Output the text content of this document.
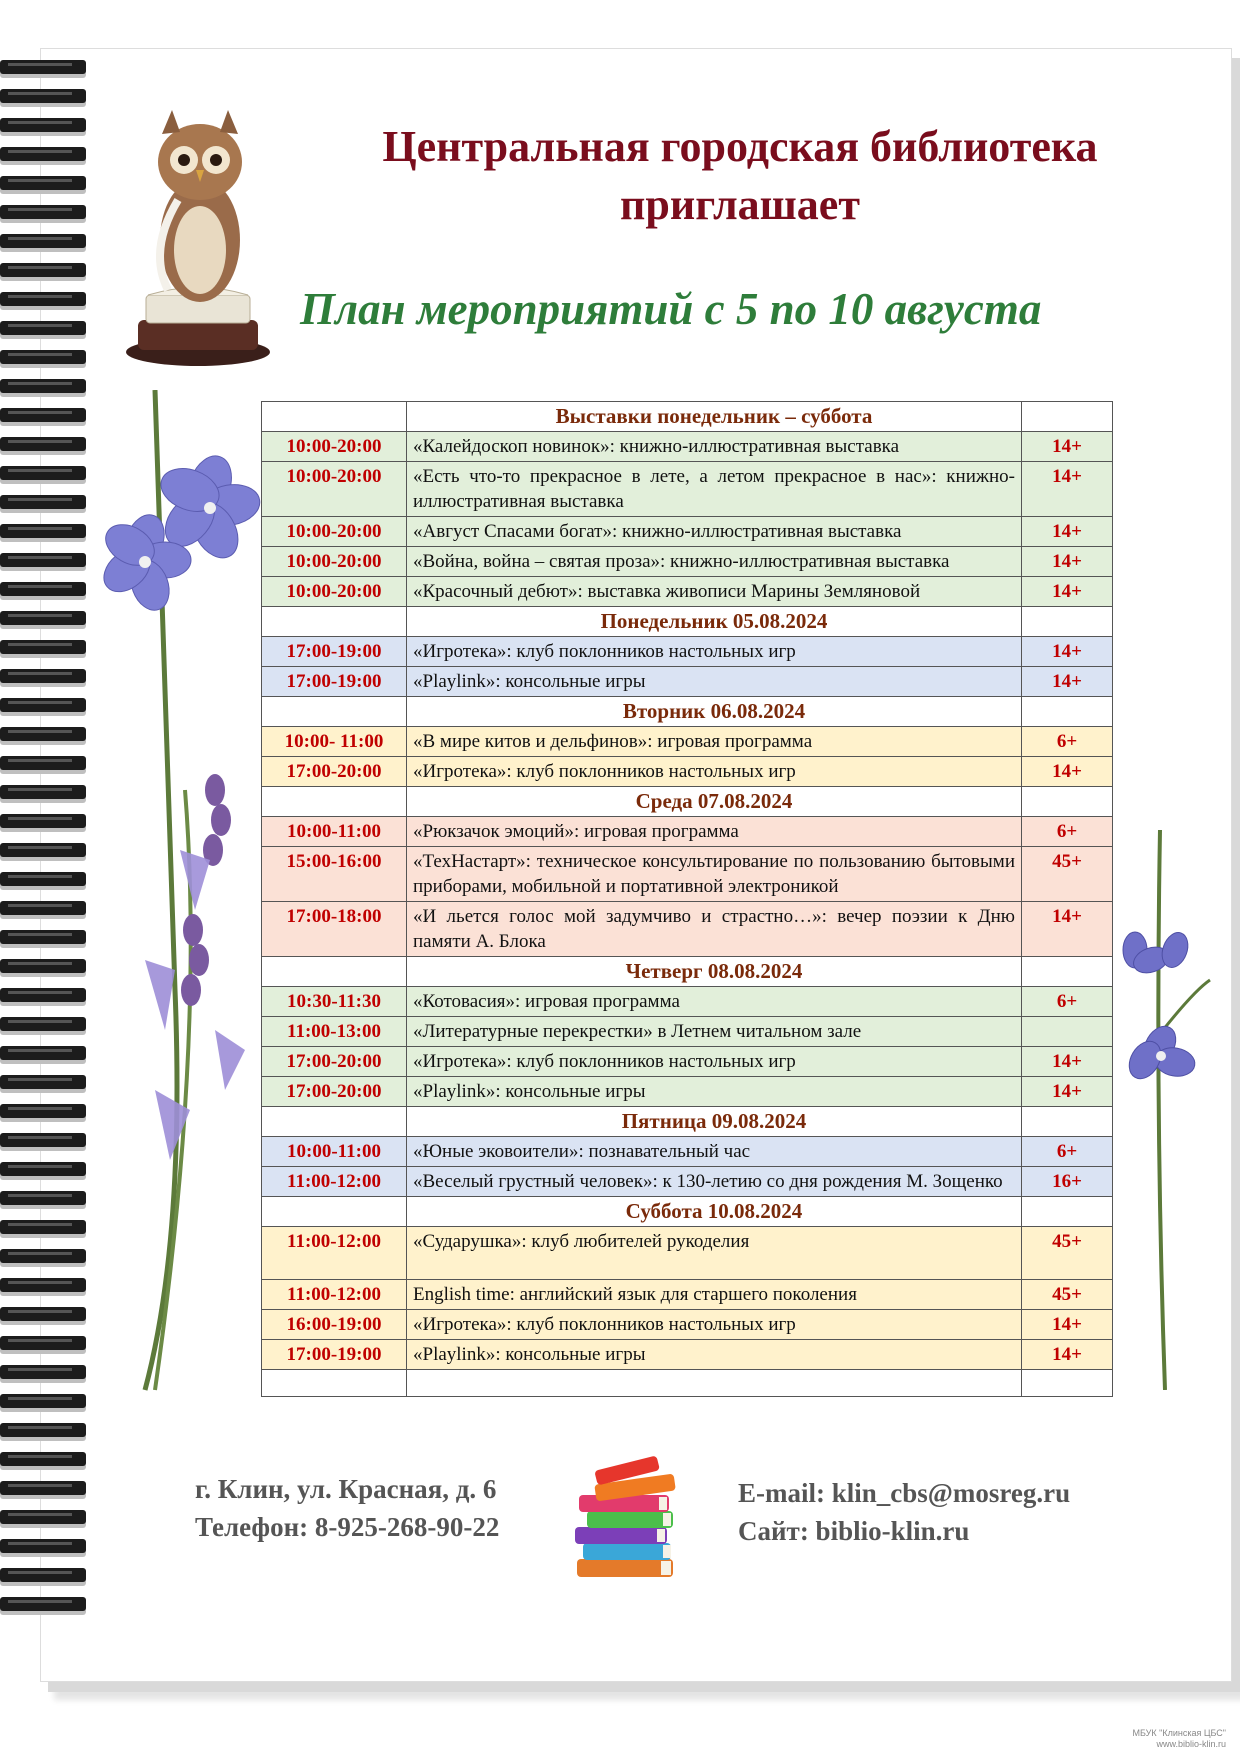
Центральная городская библиотека
приглашает
План мероприятий с 5 по 10 августа
	Выставки понедельник – суббота	
10:00-20:00	«Калейдоскоп новинок»: книжно-иллюстративная выставка	14+
10:00-20:00	«Есть что-то прекрасное в лете, а летом прекрасное в нас»: книжно-иллюстративная выставка	14+
10:00-20:00	«Август Спасами богат»: книжно-иллюстративная выставка	14+
10:00-20:00	«Война, война – святая проза»: книжно-иллюстративная выставка	14+
10:00-20:00	«Красочный дебют»: выставка живописи Марины Земляновой	14+
	Понедельник 05.08.2024	
17:00-19:00	«Игротека»: клуб поклонников настольных игр	14+
17:00-19:00	«Playlink»: консольные игры	14+
	Вторник 06.08.2024	
10:00- 11:00	«В мире китов и дельфинов»: игровая программа	6+
17:00-20:00	«Игротека»: клуб поклонников настольных игр	14+
	Среда 07.08.2024	
10:00-11:00	«Рюкзачок эмоций»: игровая программа	6+
15:00-16:00	«ТехНастарт»: техническое консультирование по пользованию бытовыми приборами, мобильной и портативной электроникой	45+
17:00-18:00	«И льется голос мой задумчиво и страстно…»: вечер поэзии к Дню памяти А. Блока	14+
	Четверг 08.08.2024	
10:30-11:30	«Котовасия»: игровая программа	6+
11:00-13:00	«Литературные перекрестки» в Летнем читальном зале	
17:00-20:00	«Игротека»: клуб поклонников настольных игр	14+
17:00-20:00	«Playlink»: консольные игры	14+
	Пятница 09.08.2024	
10:00-11:00	«Юные эковоители»: познавательный час	6+
11:00-12:00	«Веселый грустный человек»: к 130-летию со дня рождения М. Зощенко	16+
	Суббота 10.08.2024	
11:00-12:00	«Сударушка»: клуб любителей рукоделия	45+
11:00-12:00	English time: английский язык для старшего поколения	45+
16:00-19:00	«Игротека»: клуб поклонников настольных игр	14+
17:00-19:00	«Playlink»: консольные игры	14+

г. Клин, ул. Красная, д. 6
Телефон: 8-925-268-90-22
E-mail: klin_cbs@mosreg.ru
Сайт: biblio-klin.ru
МБУК "Клинская ЦБС"
www.biblio-klin.ru
